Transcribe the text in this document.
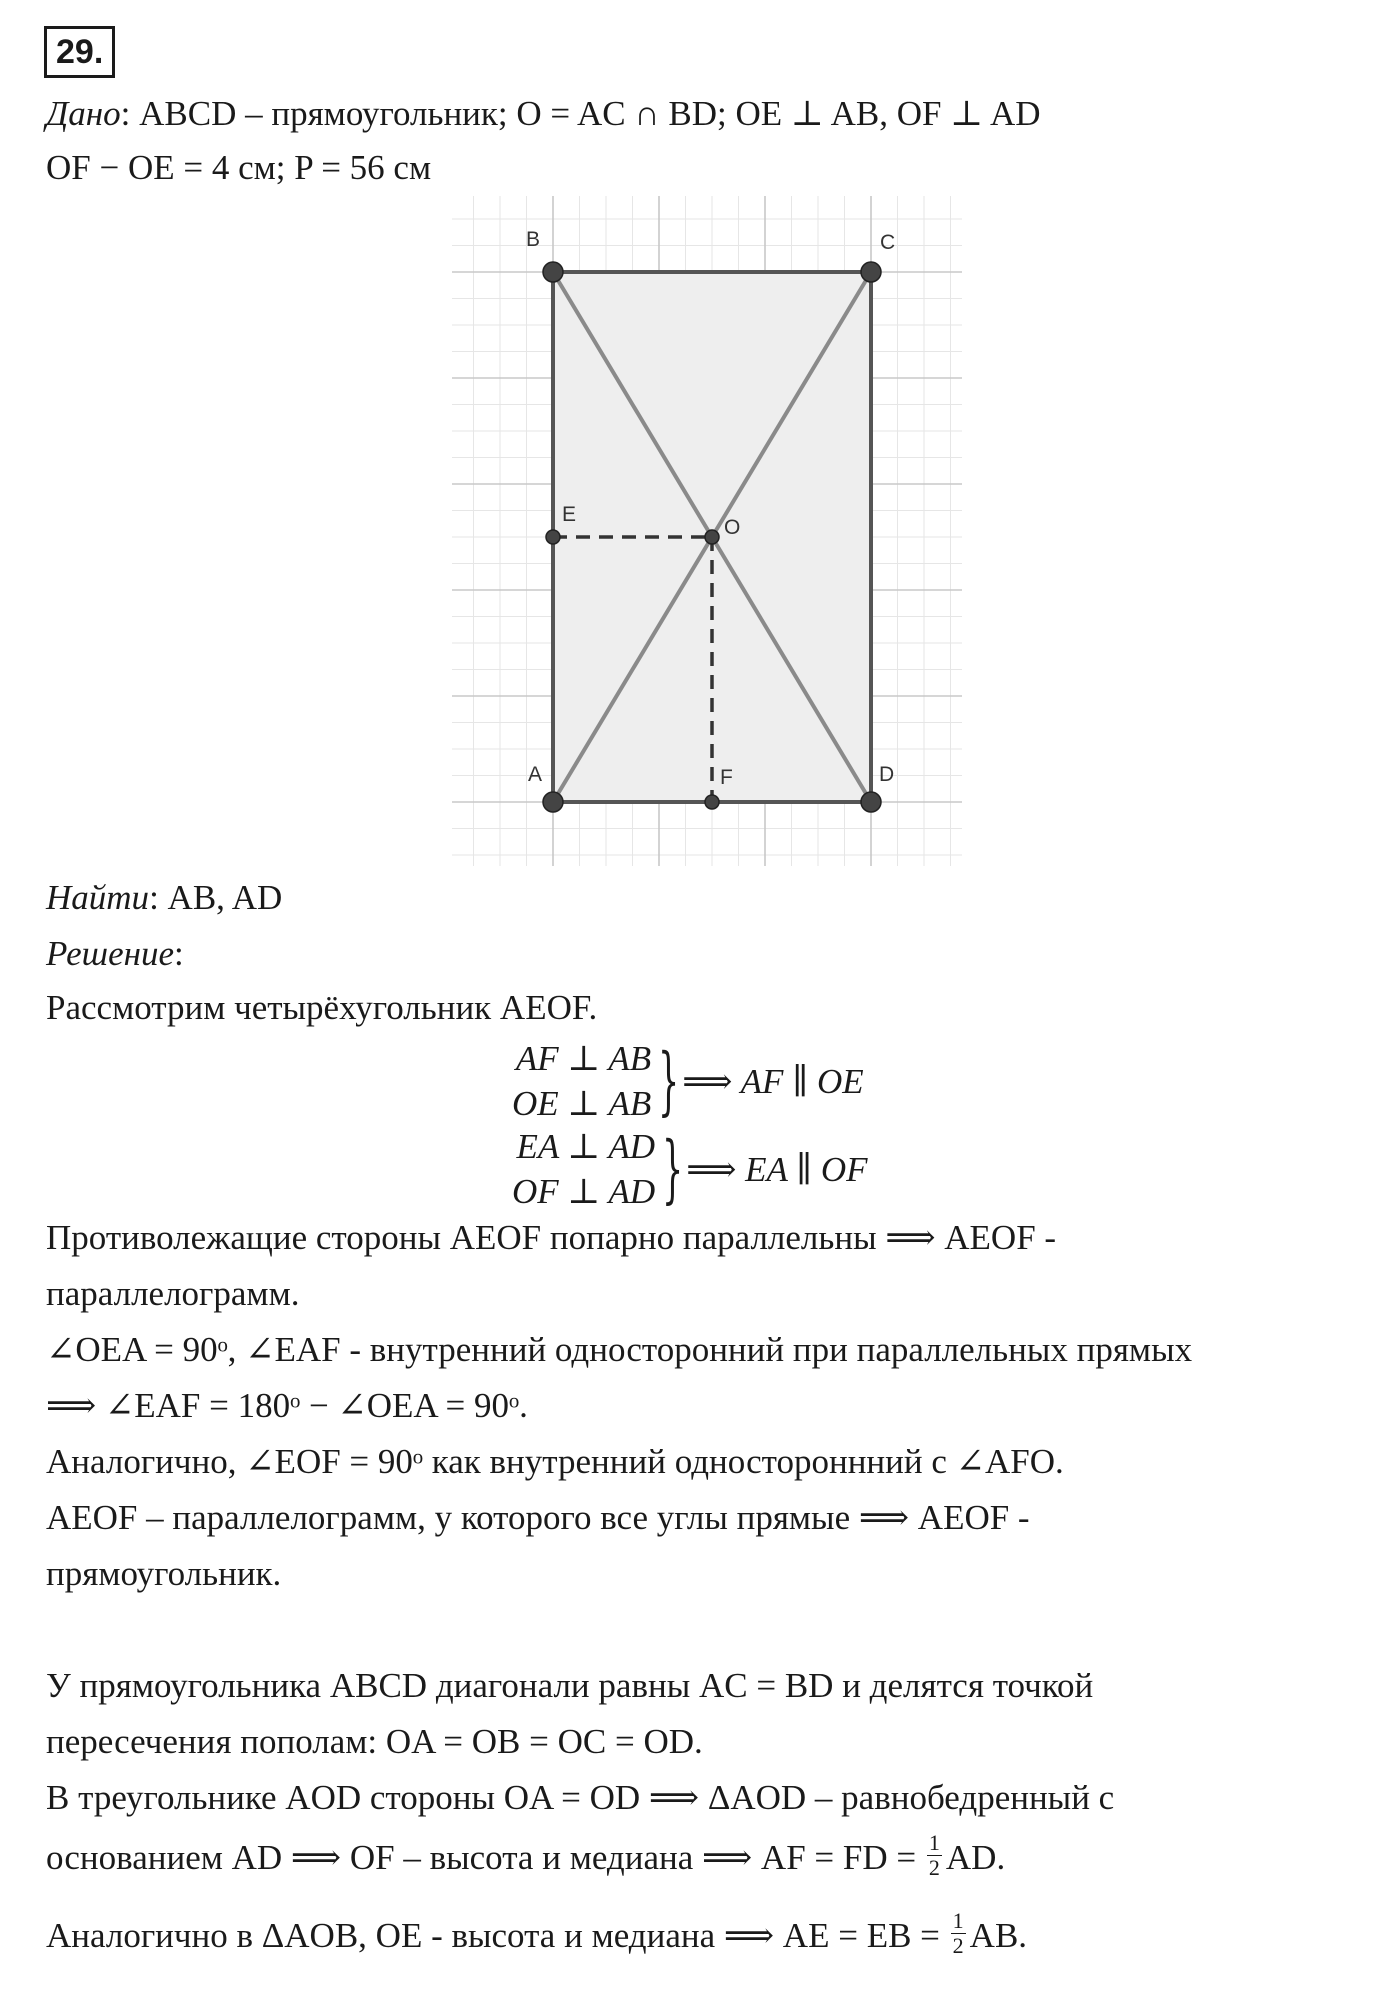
29.

Дано: ABCD – прямоугольник; O = AC ∩ BD; OE ⊥ AB, OF ⊥ AD

OF − OE = 4 см; P = 56 см

B	C
E
O
A	F	D

Найти: AB, AD

Решение:

Рассмотрим четырёхугольник AEOF.

AF ⊥ AB
OE ⊥ AB }⟹ AF ∥ OE
EA ⊥ AD
OF ⊥ AD }⟹ EA ∥ OF

Противолежащие стороны AEOF попарно параллельны ⟹ AEOF -

параллелограмм.

∠OEA = 90ᵒ, ∠EAF - внутренний односторонний при параллельных прямых

⟹ ∠EAF = 180ᵒ − ∠OEA = 90ᵒ.

Аналогично, ∠EOF = 90ᵒ как внутренний одностороннний с ∠AFO.

AEOF – параллелограмм, у которого все углы прямые ⟹ AEOF -

прямоугольник.

У прямоугольника ABCD диагонали равны AC = BD и делятся точкой

пересечения пополам: OA = OB = OC = OD.

В треугольнике AOD стороны OA = OD ⟹ ΔAOD – равнобедренный с

основанием AD ⟹ OF – высота и медиана ⟹ AF = FD = $\frac{1}{2}$ AD.

Аналогично в ΔAOB, OE - высота и медиана ⟹ AE = EB = $\frac{1}{2}$ AB.
